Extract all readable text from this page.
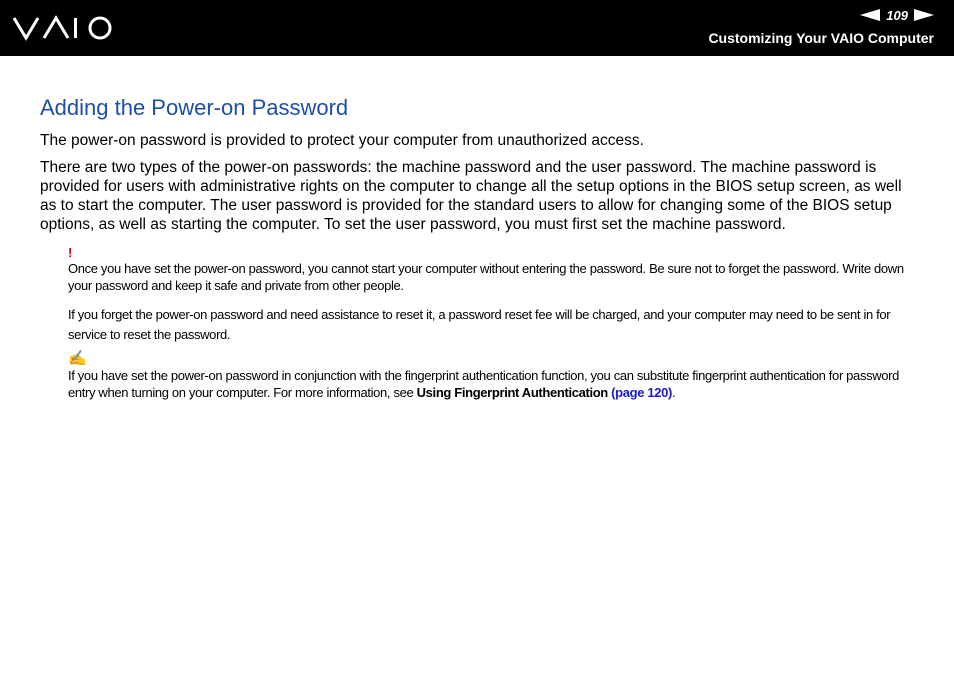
109
Customizing Your VAIO Computer
Adding the Power-on Password

The power-on password is provided to protect your computer from unauthorized access.

There are two types of the power-on passwords: the machine password and the user password. The machine password is provided for users with administrative rights on the computer to change all the setup options in the BIOS setup screen, as well as to start the computer. The user password is provided for the standard users to allow for changing some of the BIOS setup options, as well as starting the computer. To set the user password, you must first set the machine password.

!

Once you have set the power-on password, you cannot start your computer without entering the password. Be sure not to forget the password. Write down your password and keep it safe and private from other people.

If you forget the power-on password and need assistance to reset it, a password reset fee will be charged, and your computer may need to be sent in for service to reset the password.

✍

If you have set the power-on password in conjunction with the fingerprint authentication function, you can substitute fingerprint authentication for password entry when turning on your computer. For more information, see Using Fingerprint Authentication (page 120).
